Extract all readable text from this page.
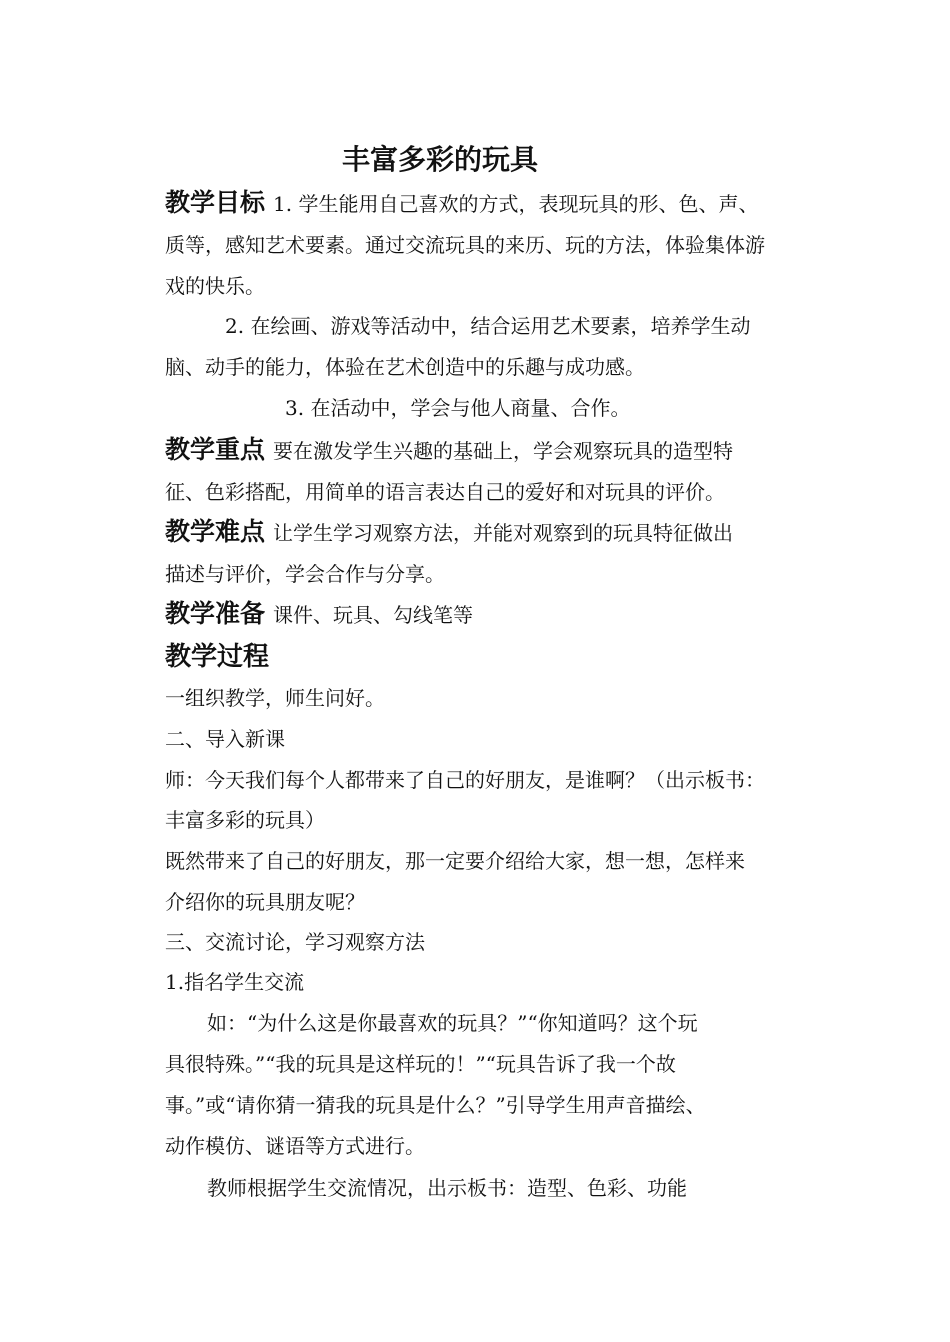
丰富多彩的玩具
教学目标 1. 学生能用自己喜欢的方式，表现玩具的形、色、声、
质等，感知艺术要素。通过交流玩具的来历、玩的方法，体验集体游
戏的快乐。
2. 在绘画、游戏等活动中，结合运用艺术要素，培养学生动
脑、动手的能力，体验在艺术创造中的乐趣与成功感。
3. 在活动中，学会与他人商量、合作。
教学重点 要在激发学生兴趣的基础上，学会观察玩具的造型特
征、色彩搭配，用简单的语言表达自己的爱好和对玩具的评价。
教学难点 让学生学习观察方法，并能对观察到的玩具特征做出
描述与评价，学会合作与分享。
教学准备 课件、玩具、勾线笔等
教学过程
一组织教学，师生问好。
二、导入新课
师：今天我们每个人都带来了自己的好朋友，是谁啊？（出示板书：
丰富多彩的玩具）
既然带来了自己的好朋友，那一定要介绍给大家，想一想，怎样来
介绍你的玩具朋友呢？
三、交流讨论，学习观察方法
1.指名学生交流
如：“为什么这是你最喜欢的玩具？”“你知道吗？这个玩
具很特殊。”“我的玩具是这样玩的！”“玩具告诉了我一个故
事。”或“请你猜一猜我的玩具是什么？”引导学生用声音描绘、
动作模仿、谜语等方式进行。
教师根据学生交流情况，出示板书：造型、色彩、功能
